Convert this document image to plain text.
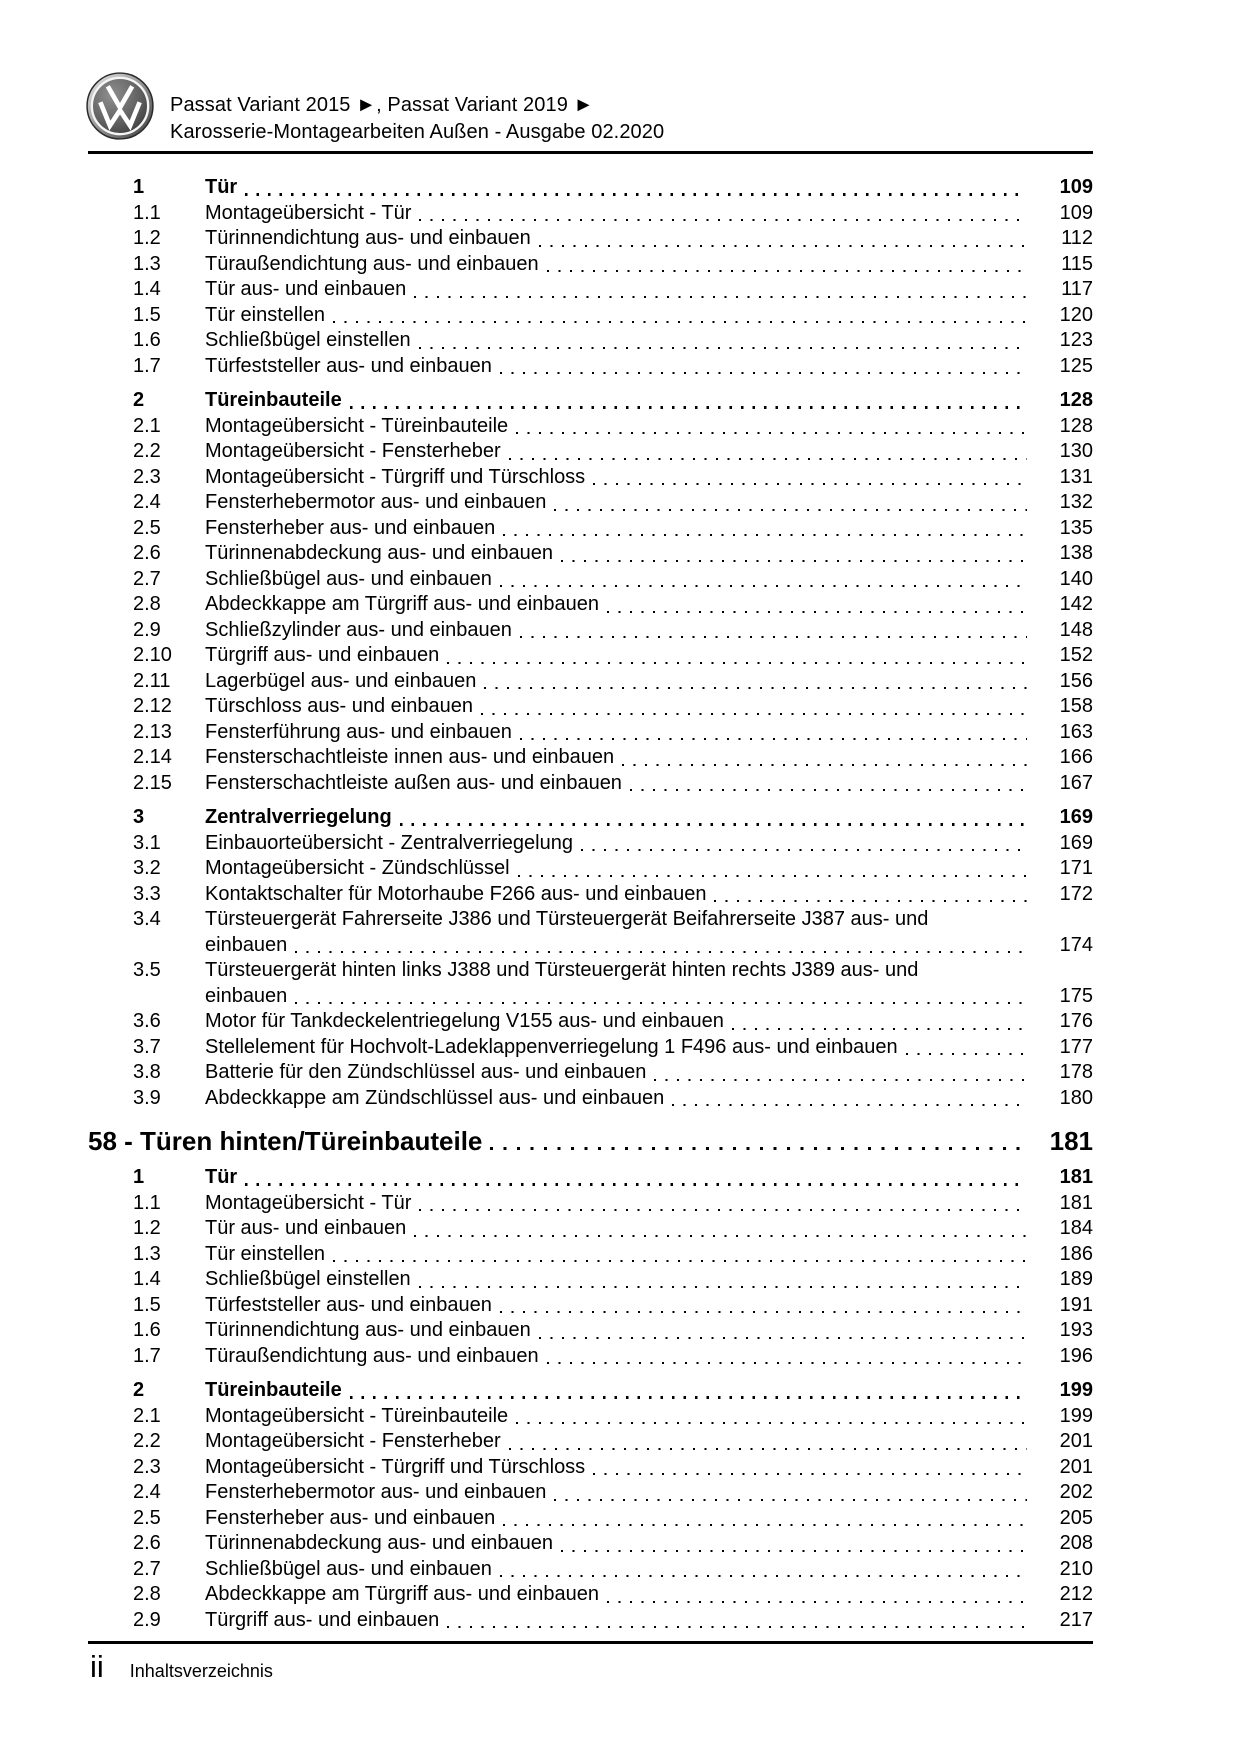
Passat Variant 2015 ►, Passat Variant 2019 ►
Karosserie-Montagearbeiten Außen - Ausgabe 02.2020
1	Tür	109
1.1	Montageübersicht - Tür	109
1.2	Türinnendichtung aus- und einbauen	112
1.3	Türaußendichtung aus- und einbauen	115
1.4	Tür aus- und einbauen	117
1.5	Tür einstellen	120
1.6	Schließbügel einstellen	123
1.7	Türfeststeller aus- und einbauen	125
2	Türeinbauteile	128
2.1	Montageübersicht - Türeinbauteile	128
2.2	Montageübersicht - Fensterheber	130
2.3	Montageübersicht - Türgriff und Türschloss	131
2.4	Fensterhebermotor aus- und einbauen	132
2.5	Fensterheber aus- und einbauen	135
2.6	Türinnenabdeckung aus- und einbauen	138
2.7	Schließbügel aus- und einbauen	140
2.8	Abdeckkappe am Türgriff aus- und einbauen	142
2.9	Schließzylinder aus- und einbauen	148
2.10	Türgriff aus- und einbauen	152
2.11	Lagerbügel aus- und einbauen	156
2.12	Türschloss aus- und einbauen	158
2.13	Fensterführung aus- und einbauen	163
2.14	Fensterschachtleiste innen aus- und einbauen	166
2.15	Fensterschachtleiste außen aus- und einbauen	167
3	Zentralverriegelung	169
3.1	Einbauorteübersicht - Zentralverriegelung	169
3.2	Montageübersicht - Zündschlüssel	171
3.3	Kontaktschalter für Motorhaube F266 aus- und einbauen	172
3.4	Türsteuergerät Fahrerseite J386 und Türsteuergerät Beifahrerseite J387 aus- und
einbauen	174
3.5	Türsteuergerät hinten links J388 und Türsteuergerät hinten rechts J389 aus- und
einbauen	175
3.6	Motor für Tankdeckelentriegelung V155 aus- und einbauen	176
3.7	Stellelement für Hochvolt-Ladeklappenverriegelung 1 F496 aus- und einbauen	177
3.8	Batterie für den Zündschlüssel aus- und einbauen	178
3.9	Abdeckkappe am Zündschlüssel aus- und einbauen	180
58 - Türen hinten/Türeinbauteile	181
1	Tür	181
1.1	Montageübersicht - Tür	181
1.2	Tür aus- und einbauen	184
1.3	Tür einstellen	186
1.4	Schließbügel einstellen	189
1.5	Türfeststeller aus- und einbauen	191
1.6	Türinnendichtung aus- und einbauen	193
1.7	Türaußendichtung aus- und einbauen	196
2	Türeinbauteile	199
2.1	Montageübersicht - Türeinbauteile	199
2.2	Montageübersicht - Fensterheber	201
2.3	Montageübersicht - Türgriff und Türschloss	201
2.4	Fensterhebermotor aus- und einbauen	202
2.5	Fensterheber aus- und einbauen	205
2.6	Türinnenabdeckung aus- und einbauen	208
2.7	Schließbügel aus- und einbauen	210
2.8	Abdeckkappe am Türgriff aus- und einbauen	212
2.9	Türgriff aus- und einbauen	217
ii Inhaltsverzeichnis
